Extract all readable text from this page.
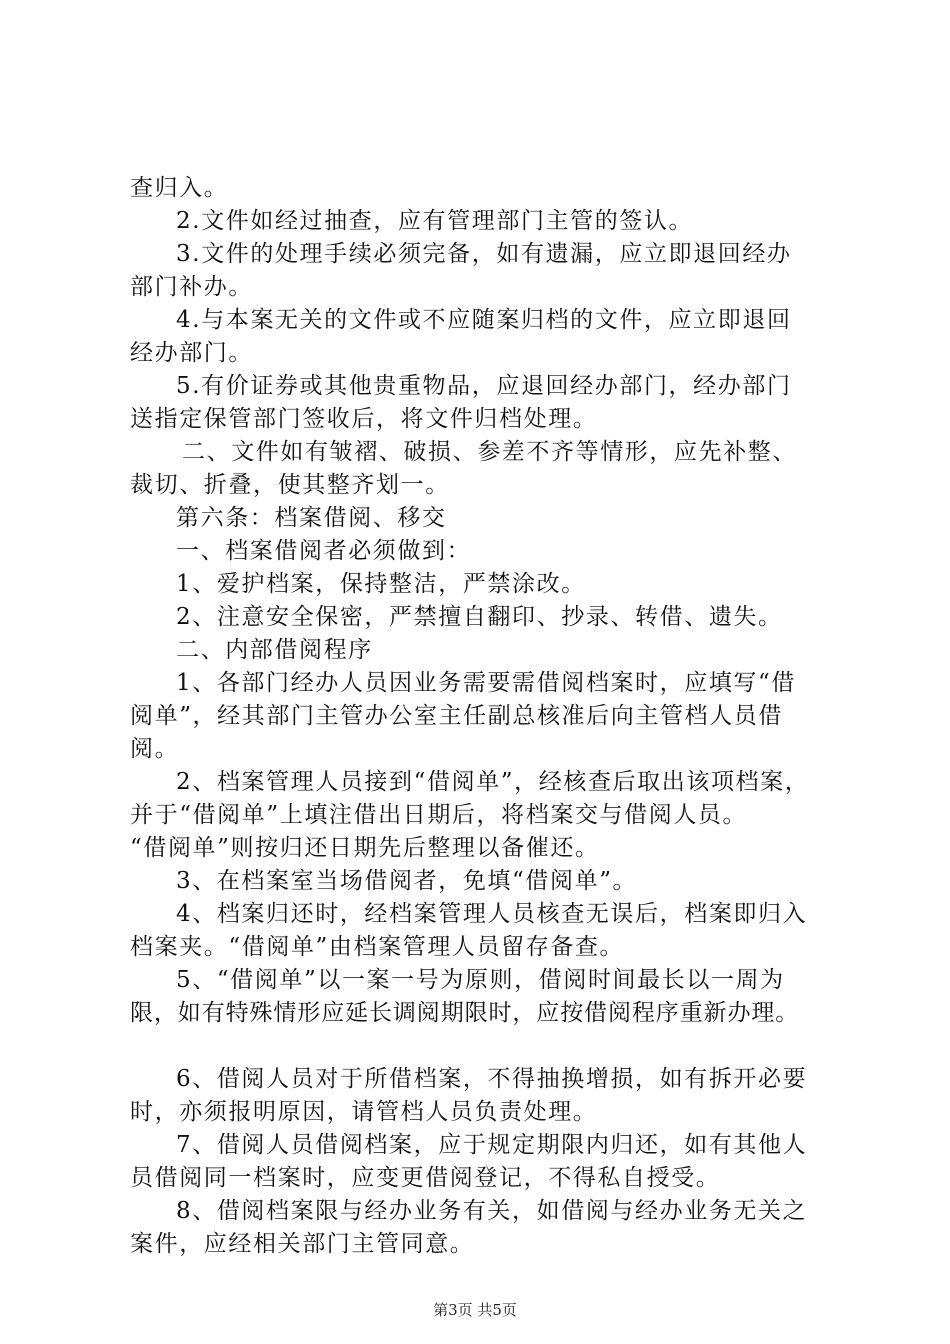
查归入。
2.文件如经过抽查，应有管理部门主管的签认。
3.文件的处理手续必须完备，如有遗漏，应立即退回经办
部门补办。
4.与本案无关的文件或不应随案归档的文件，应立即退回
经办部门。
5.有价证券或其他贵重物品，应退回经办部门，经办部门
送指定保管部门签收后，将文件归档处理。
二、文件如有皱褶、破损、参差不齐等情形，应先补整、
裁切、折叠，使其整齐划一。
第六条：档案借阅、移交
一、档案借阅者必须做到：
1、爱护档案，保持整洁，严禁涂改。
2、注意安全保密，严禁擅自翻印、抄录、转借、遗失。
二、内部借阅程序
1、各部门经办人员因业务需要需借阅档案时，应填写“借
阅单”，经其部门主管办公室主任副总核准后向主管档人员借
阅。
2、档案管理人员接到“借阅单”，经核查后取出该项档案，
并于“借阅单”上填注借出日期后，将档案交与借阅人员。
“借阅单”则按归还日期先后整理以备催还。
3、在档案室当场借阅者，免填“借阅单”。
4、档案归还时，经档案管理人员核查无误后，档案即归入
档案夹。“借阅单”由档案管理人员留存备查。
5、“借阅单”以一案一号为原则，借阅时间最长以一周为
限，如有特殊情形应延长调阅期限时，应按借阅程序重新办理。
6、借阅人员对于所借档案，不得抽换增损，如有拆开必要
时，亦须报明原因，请管档人员负责处理。
7、借阅人员借阅档案，应于规定期限内归还，如有其他人
员借阅同一档案时，应变更借阅登记，不得私自授受。
8、借阅档案限与经办业务有关，如借阅与经办业务无关之
案件，应经相关部门主管同意。
第3页 共5页
